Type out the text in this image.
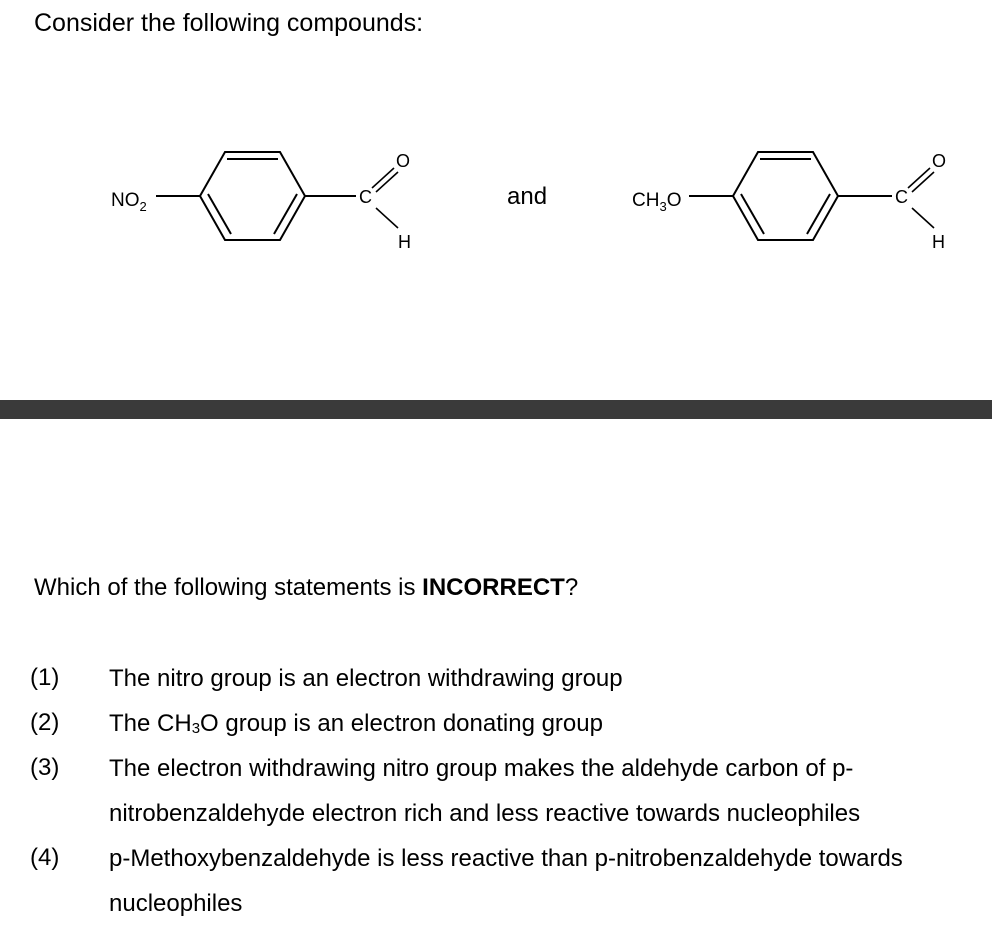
Consider the following compounds:
$NO_2$	C
O
H
and	$CH_3O$	C
O
H
Which of the following statements is INCORRECT?
(1) The nitro group is an electron withdrawing group
(2) The $CH_3O$ group is an electron donating group
(3) The electron withdrawing nitro group makes the aldehyde carbon of p-nitrobenzaldehyde electron rich and less reactive towards nucleophiles
(4) p-Methoxybenzaldehyde is less reactive than p-nitrobenzaldehyde towards nucleophiles
